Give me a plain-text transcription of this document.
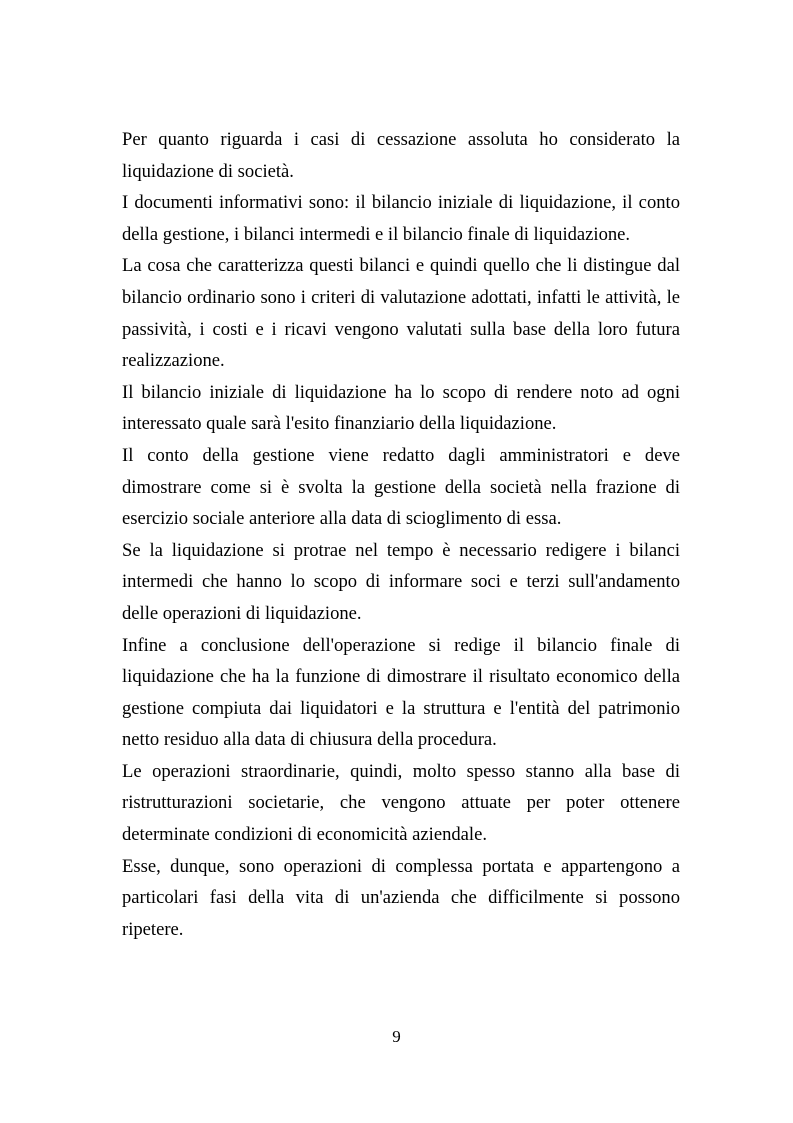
Per quanto riguarda i casi di cessazione assoluta ho considerato la liquidazione di società.

I documenti informativi sono: il bilancio iniziale di liquidazione, il conto della gestione, i bilanci intermedi e il bilancio finale di liquidazione.

La cosa che caratterizza questi bilanci e quindi quello che li distingue dal bilancio ordinario sono i criteri di valutazione adottati, infatti le attività, le passività, i costi e i ricavi vengono valutati sulla base della loro futura realizzazione.

Il bilancio iniziale di liquidazione ha lo scopo di rendere noto ad ogni interessato quale sarà l'esito finanziario della liquidazione.

Il conto della gestione viene redatto dagli amministratori e deve dimostrare come si è svolta la gestione della società nella frazione di esercizio sociale anteriore alla data di scioglimento di essa.

Se la liquidazione si protrae nel tempo è necessario redigere i bilanci intermedi che hanno lo scopo di informare soci e terzi sull'andamento delle operazioni di liquidazione.

Infine a conclusione dell'operazione si redige il bilancio finale di liquidazione che ha la funzione di dimostrare il risultato economico della gestione compiuta dai liquidatori e la struttura e l'entità del patrimonio netto residuo alla data di chiusura della procedura.

Le operazioni straordinarie, quindi, molto spesso stanno alla base di ristrutturazioni societarie, che vengono attuate per poter ottenere determinate condizioni di economicità aziendale.

Esse, dunque, sono operazioni di complessa portata e appartengono a particolari fasi della vita di un'azienda che difficilmente si possono ripetere.

9
